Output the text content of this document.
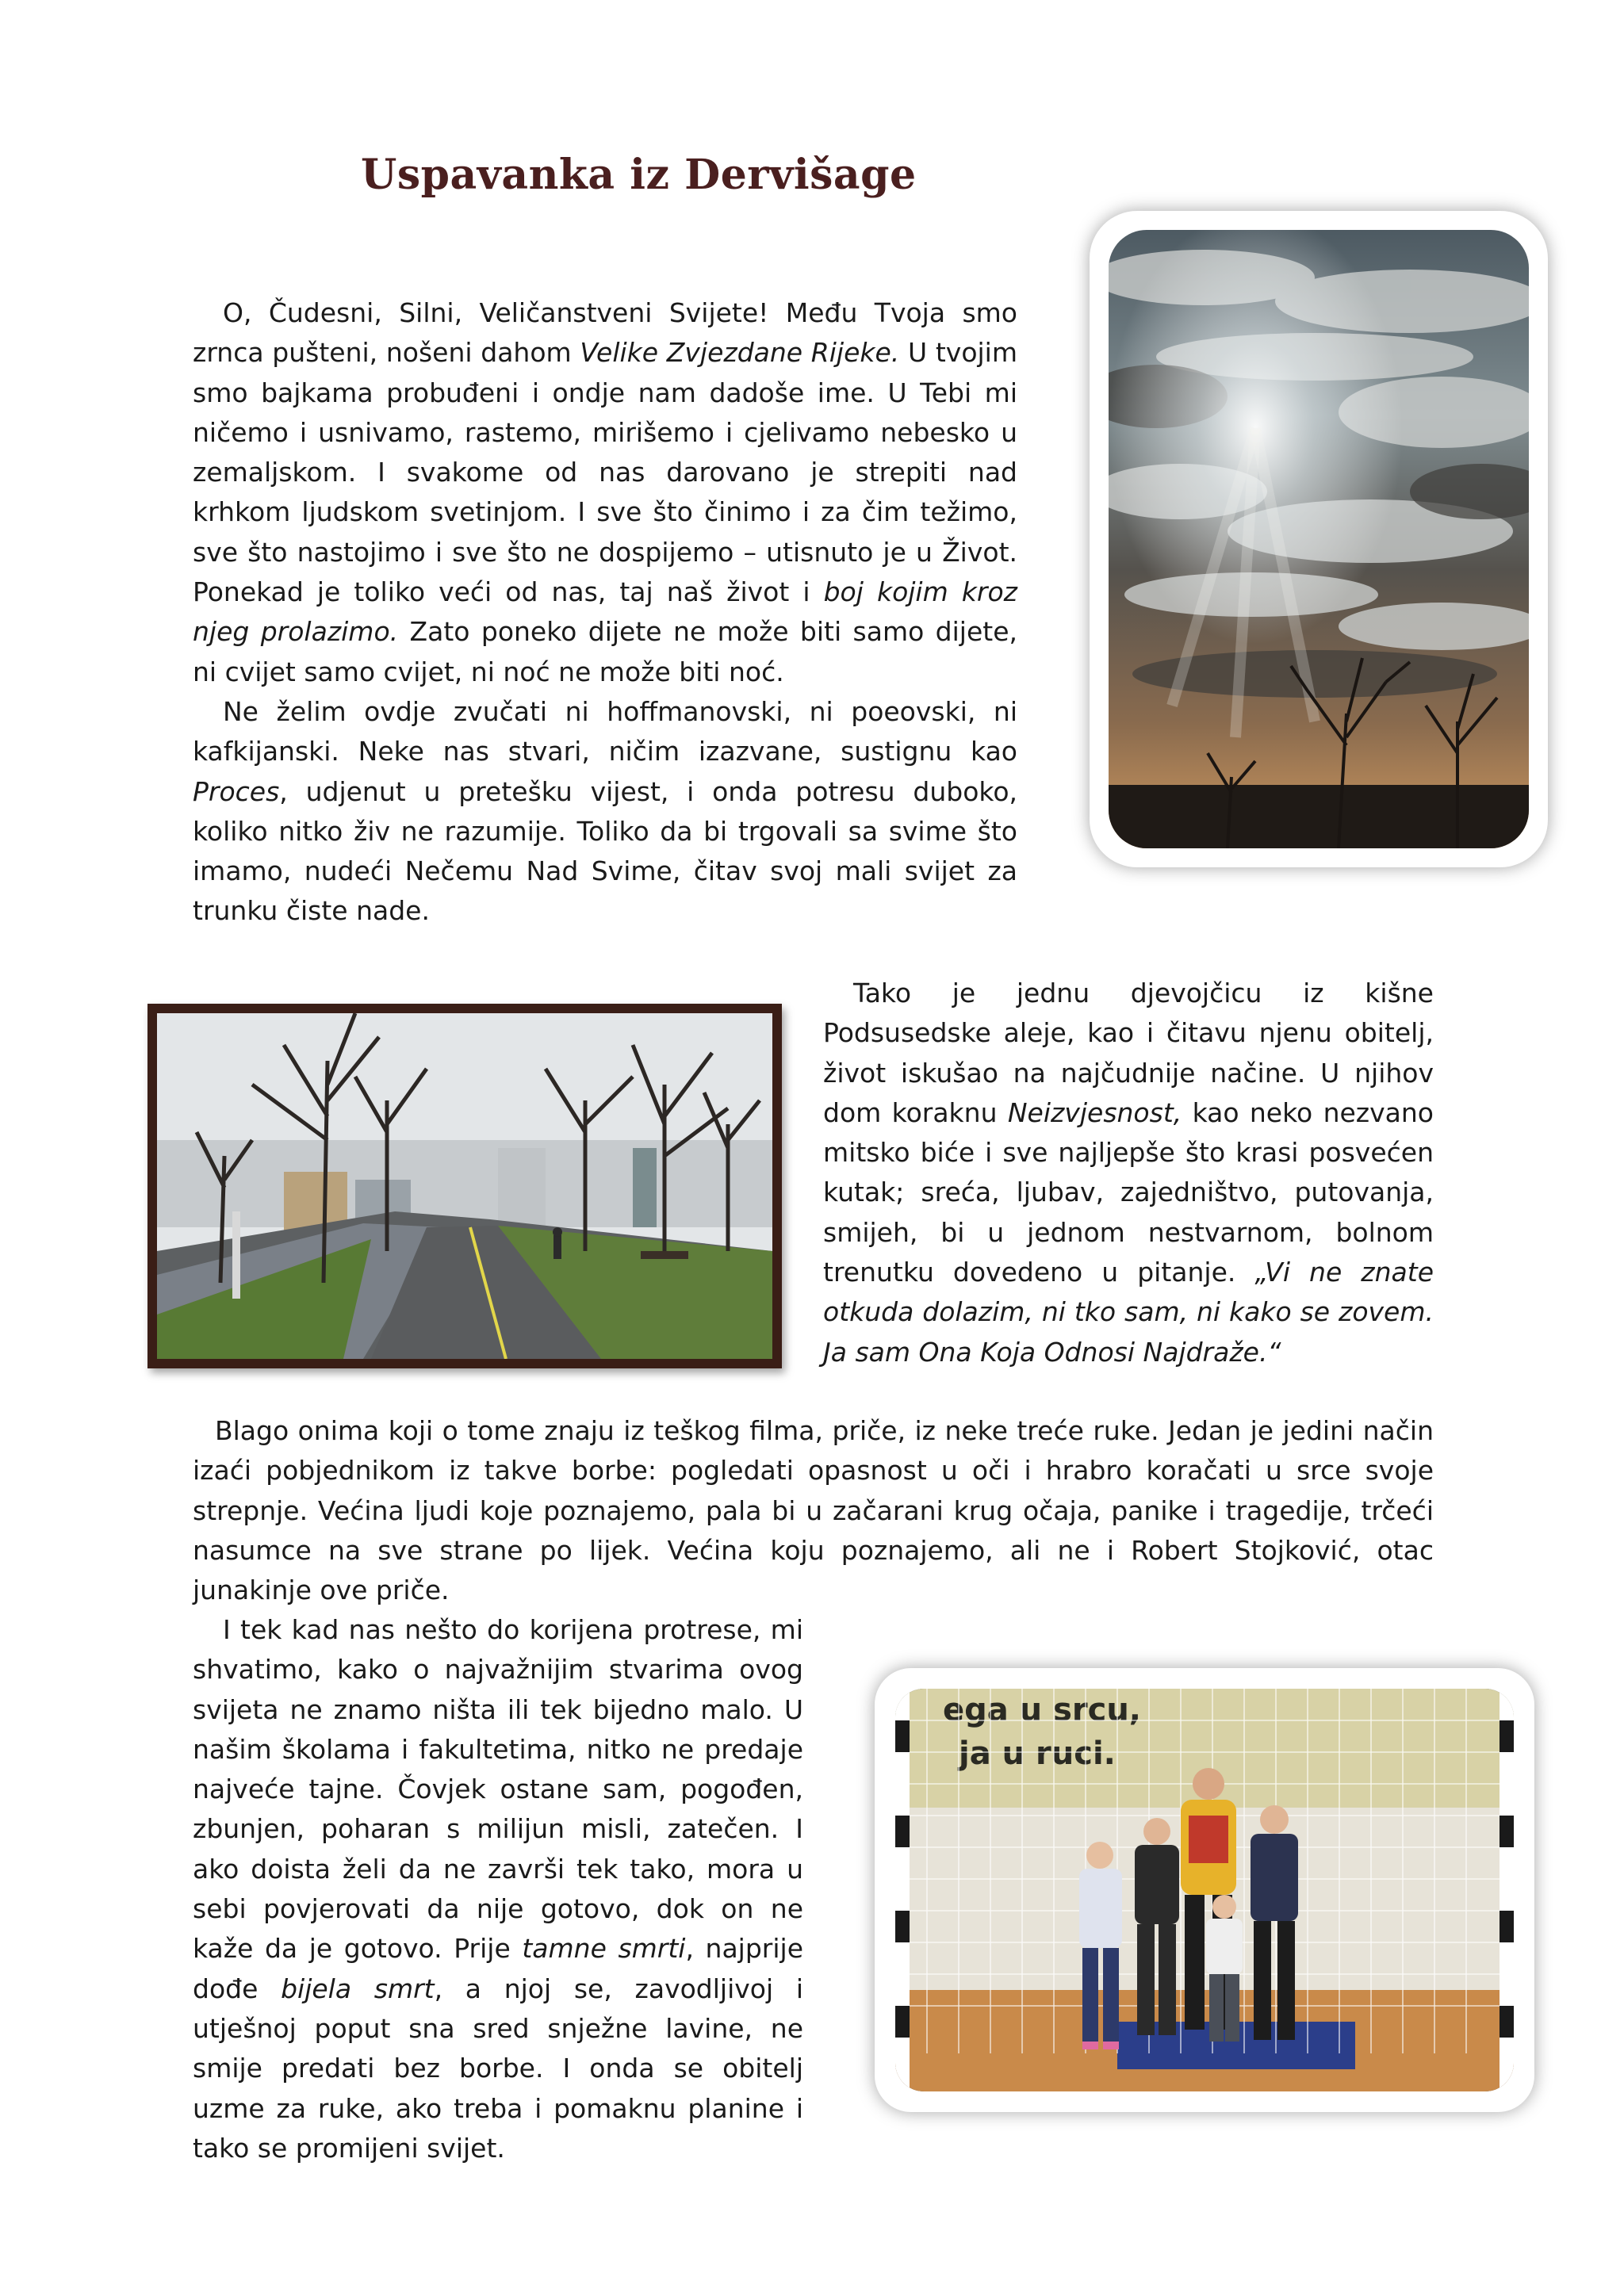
Uspavanka iz Dervišage

O, Čudesni, Silni, Veličanstveni Svijete! Među Tvoja smo zrnca pušteni, nošeni dahom Velike Zvjezdane Rijeke. U tvojim smo bajkama probuđeni i ondje nam dadoše ime. U Tebi mi ničemo i usnivamo, rastemo, mirišemo i cjelivamo nebesko u zemaljskom. I svakome od nas darovano je strepiti nad krhkom ljudskom svetinjom. I sve što činimo i za čim težimo, sve što nastojimo i sve što ne dospijemo – utisnuto je u Život. Ponekad je toliko veći od nas, taj naš život i boj kojim kroz njeg prolazimo. Zato poneko dijete ne može biti samo dijete, ni cvijet samo cvijet, ni noć ne može biti noć.

Ne želim ovdje zvučati ni hoffmanovski, ni poeovski, ni kafkijanski. Neke nas stvari, ničim izazvane, sustignu kao Proces, udjenut u pretešku vijest, i onda potresu duboko, koliko nitko živ ne razumije. Toliko da bi trgovali sa svime što imamo, nudeći Nečemu Nad Svime, čitav svoj mali svijet za trunku čiste nade.

Tako je jednu djevojčicu iz kišne Podsusedske aleje, kao i čitavu njenu obitelj, život iskušao na najčudnije načine. U njihov dom koraknu Neizvjesnost, kao neko nezvano mitsko biće i sve najljepše što krasi posvećen kutak; sreća, ljubav, zajedništvo, putovanja, smijeh, bi u jednom nestvarnom, bolnom trenutku dovedeno u pitanje. „Vi ne znate otkuda dolazim, ni tko sam, ni kako se zovem. Ja sam Ona Koja Odnosi Najdraže.“

Blago onima koji o tome znaju iz teškog filma, priče, iz neke treće ruke. Jedan je jedini način izaći pobjednikom iz takve borbe: pogledati opasnost u oči i hrabro koračati u srce svoje strepnje. Većina ljudi koje poznajemo, pala bi u začarani krug očaja, panike i tragedije, trčeći nasumce na sve strane po lijek. Većina koju poznajemo, ali ne i Robert Stojković, otac junakinje ove priče.

I tek kad nas nešto do korijena protrese, mi shvatimo, kako o najvažnijim stvarima ovog svijeta ne znamo ništa ili tek bijedno malo. U našim školama i fakultetima, nitko ne predaje najveće tajne. Čovjek ostane sam, pogođen, zbunjen, poharan s milijun misli, zatečen. I ako doista želi da ne završi tek tako, mora u sebi povjerovati da nije gotovo, dok on ne kaže da je gotovo. Prije tamne smrti, najprije dođe bijela smrt, a njoj se, zavodljivoj i utješnoj poput sna sred snježne lavine, ne smije predati bez borbe. I onda se obitelj uzme za ruke, ako treba i pomaknu planine i tako se promijeni svijet.

ega u srcu,
ja u ruci.
